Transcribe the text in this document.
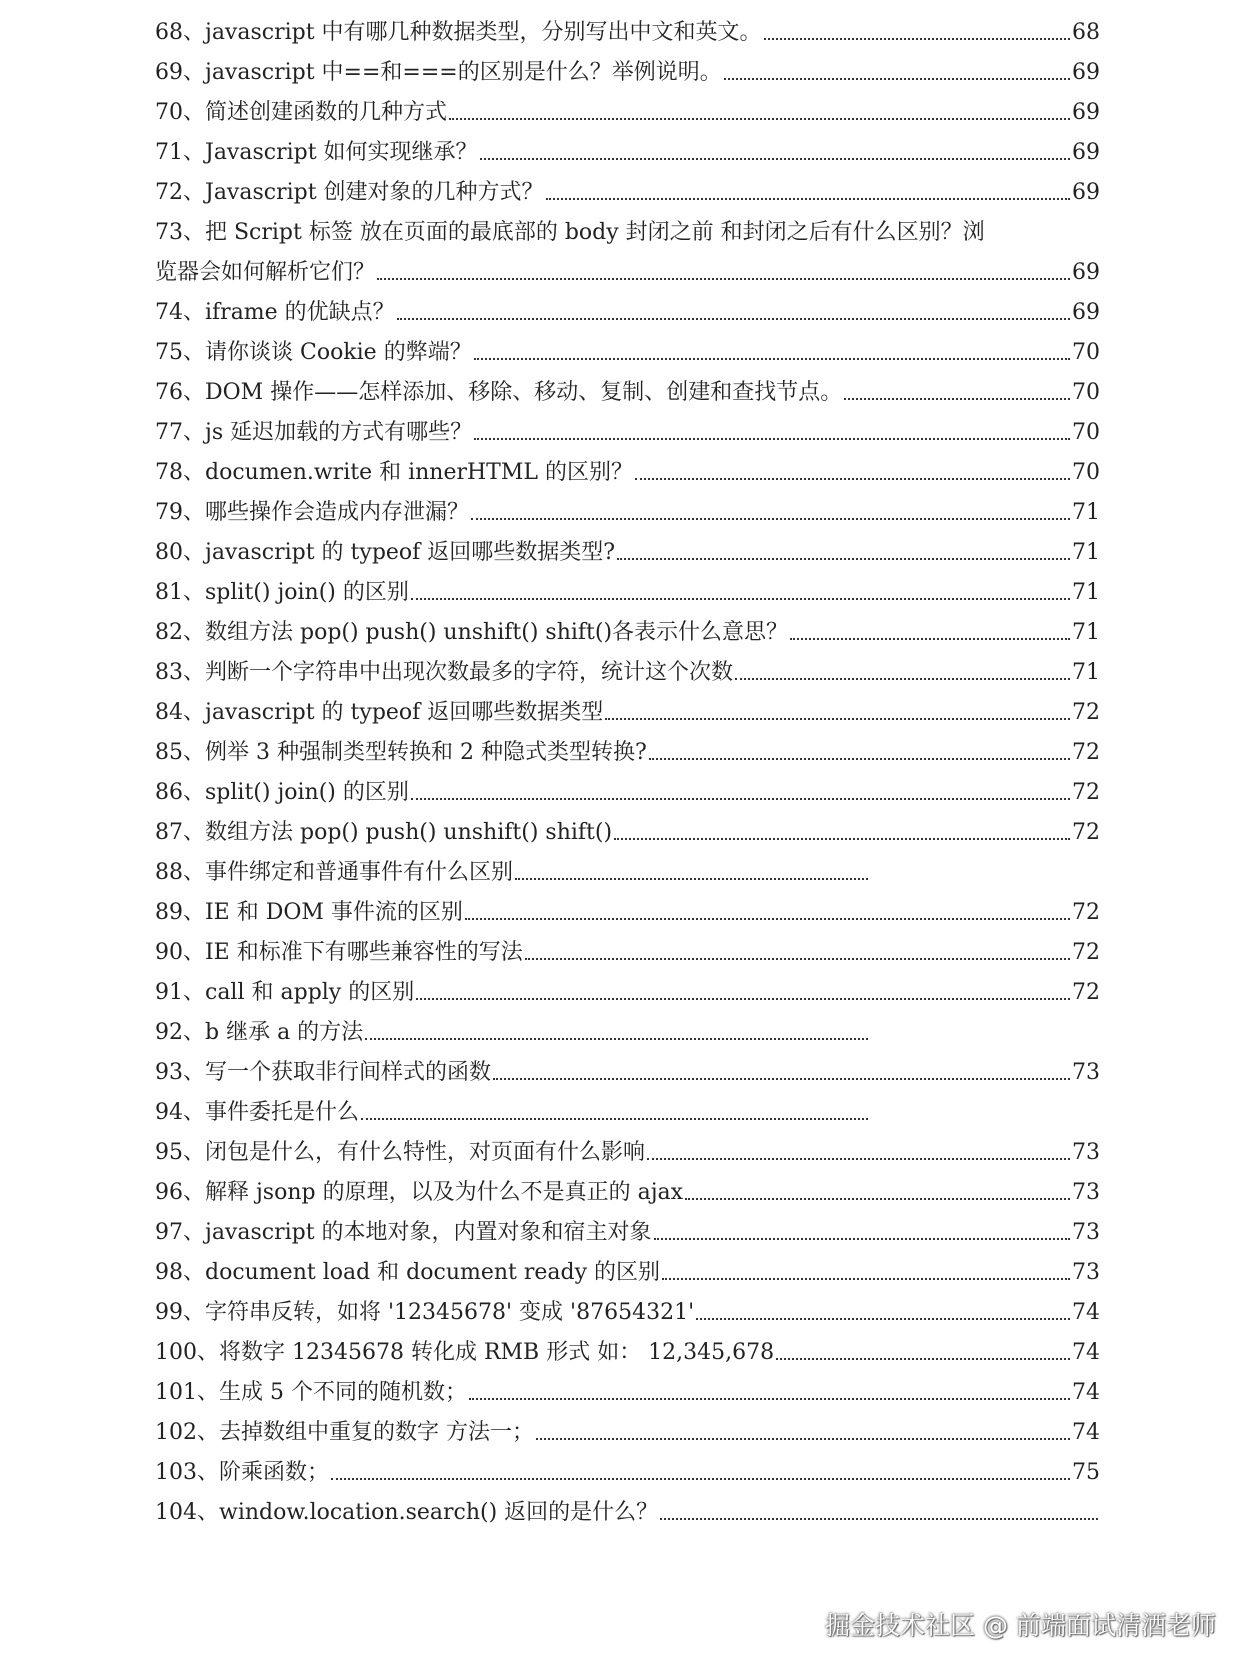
68、javascript 中有哪几种数据类型，分别写出中文和英文。	68
69、javascript 中==和===的区别是什么？举例说明。	69
70、简述创建函数的几种方式	69
71、Javascript 如何实现继承？	69
72、Javascript 创建对象的几种方式？	69
73、把 Script 标签 放在页面的最底部的 body 封闭之前 和封闭之后有什么区别？浏
览器会如何解析它们？	69
74、iframe 的优缺点？	69
75、请你谈谈 Cookie 的弊端？	70
76、DOM 操作——怎样添加、移除、移动、复制、创建和查找节点。	70
77、js 延迟加载的方式有哪些？	70
78、documen.write 和 innerHTML 的区别？	70
79、哪些操作会造成内存泄漏？	71
80、javascript 的 typeof 返回哪些数据类型?	71
81、split() join() 的区别	71
82、数组方法 pop() push() unshift() shift()各表示什么意思？	71
83、判断一个字符串中出现次数最多的字符，统计这个次数	71
84、javascript 的 typeof 返回哪些数据类型	72
85、例举 3 种强制类型转换和 2 种隐式类型转换?	72
86、split() join() 的区别	72
87、数组方法 pop() push() unshift() shift()	72
88、事件绑定和普通事件有什么区别
89、IE 和 DOM 事件流的区别	72
90、IE 和标准下有哪些兼容性的写法	72
91、call 和 apply 的区别	72
92、b 继承 a 的方法
93、写一个获取非行间样式的函数	73
94、事件委托是什么
95、闭包是什么，有什么特性，对页面有什么影响	73
96、解释 jsonp 的原理，以及为什么不是真正的 ajax	73
97、javascript 的本地对象，内置对象和宿主对象	73
98、document load 和 document ready 的区别	73
99、字符串反转，如将 '12345678' 变成 '87654321'	74
100、将数字 12345678 转化成 RMB 形式 如： 12,345,678	74
101、生成 5 个不同的随机数；	74
102、去掉数组中重复的数字 方法一；	74
103、阶乘函数；	75
104、window.location.search() 返回的是什么？
掘金技术社区 @ 前端面试清酒老师
